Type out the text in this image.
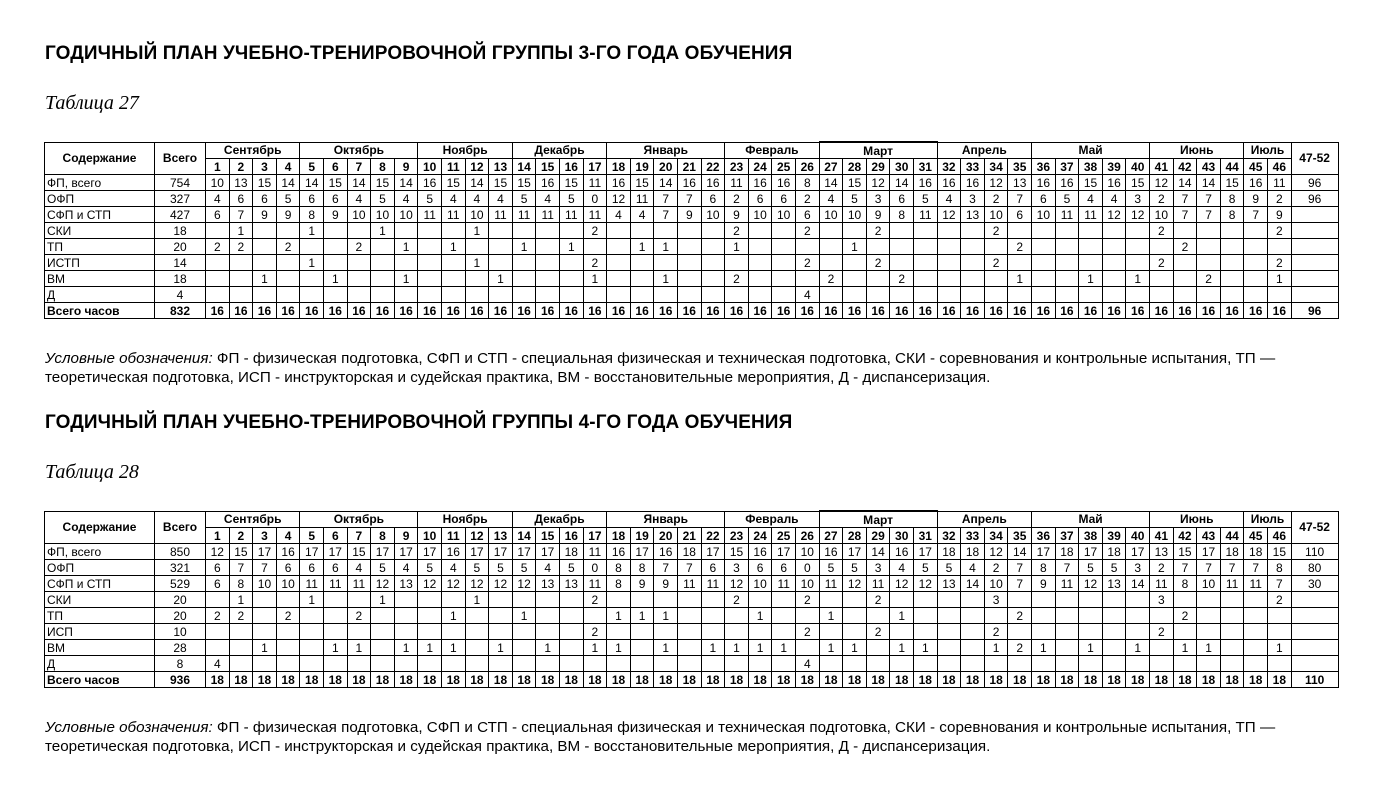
ГОДИЧНЫЙ ПЛАН УЧЕБНО-ТРЕНИРОВОЧНОЙ ГРУППЫ 3-ГО ГОДА ОБУЧЕНИЯ

Таблица 27

Содержание	Всего	Сентябрь				Октябрь					Ноябрь				Декабрь				Январь					Февраль				Март					Апрель				Май					Июнь				Июль		47-52
		1	2	3	4	5	6	7	8	9	10	11	12	13	14	15	16	17	18	19	20	21	22	23	24	25	26	27	28	29	30	31	32	33	34	35	36	37	38	39	40	41	42	43	44	45	46	
ФП, всего	754	10	13	15	14	14	15	14	15	14	16	15	14	15	15	16	15	11	16	15	14	16	16	11	16	16	8	14	15	12	14	16	16	16	12	13	16	16	15	16	15	12	14	14	15	16	11	96
ОФП	327	4	6	6	5	6	6	4	5	4	5	4	4	4	5	4	5	0	12	11	7	7	6	2	6	6	2	4	5	3	6	5	4	3	2	7	6	5	4	4	3	2	7	7	8	9	2	96
СФП и СТП	427	6	7	9	9	8	9	10	10	10	11	11	10	11	11	11	11	11	4	4	7	9	10	9	10	10	6	10	10	9	8	11	12	13	10	6	10	11	11	12	12	10	7	7	8	7	9	
СКИ	18		1			1			1				1					2						2			2			2					2							2					2	
ТП	20	2	2		2			2		1		1			1		1			1	1			1					1							2							2					
ИСТП	14					1							1					2									2			2					2							2					2	
ВМ	18			1			1			1				1				1			1			2				2			2					1			1		1			2			1	
Д	4																										4																					
Всего часов	832	16	16	16	16	16	16	16	16	16	16	16	16	16	16	16	16	16	16	16	16	16	16	16	16	16	16	16	16	16	16	16	16	16	16	16	16	16	16	16	16	16	16	16	16	16	16	96

Условные обозначения: ФП - физическая подготовка, СФП и СТП - специальная физическая и техническая подготовка, СКИ - соревнования и контрольные испытания, ТП — теоретическая подготовка, ИСП - инструкторская и судейская практика, ВМ - восстановительные мероприятия, Д - диспансеризация.

ГОДИЧНЫЙ ПЛАН УЧЕБНО-ТРЕНИРОВОЧНОЙ ГРУППЫ 4-ГО ГОДА ОБУЧЕНИЯ

Таблица 28

Содержание	Всего	Сентябрь				Октябрь					Ноябрь				Декабрь				Январь					Февраль				Март					Апрель				Май					Июнь				Июль		47-52
		1	2	3	4	5	6	7	8	9	10	11	12	13	14	15	16	17	18	19	20	21	22	23	24	25	26	27	28	29	30	31	32	33	34	35	36	37	38	39	40	41	42	43	44	45	46	
ФП, всего	850	12	15	17	16	17	17	15	17	17	17	16	17	17	17	17	18	11	16	17	16	18	17	15	16	17	10	16	17	14	16	17	18	18	12	14	17	18	17	18	17	13	15	17	18	18	15	110
ОФП	321	6	7	7	6	6	6	4	5	4	5	4	5	5	5	4	5	0	8	8	7	7	6	3	6	6	0	5	5	3	4	5	5	4	2	7	8	7	5	5	3	2	7	7	7	7	8	80
СФП и СТП	529	6	8	10	10	11	11	11	12	13	12	12	12	12	12	13	13	11	8	9	9	11	11	12	10	11	10	11	12	11	12	12	13	14	10	7	9	11	12	13	14	11	8	10	11	11	7	30
СКИ	20		1			1			1				1					2						2			2			2					3							3					2	
ТП	20	2	2		2			2				1			1				1	1	1				1			1			1					2							2					
ИСП	10																	2									2			2					2							2						
ВМ	28			1			1	1		1	1	1		1		1		1	1		1		1	1	1	1		1	1		1	1			1	2	1		1		1		1	1			1	
Д	8	4																									4																					
Всего часов	936	18	18	18	18	18	18	18	18	18	18	18	18	18	18	18	18	18	18	18	18	18	18	18	18	18	18	18	18	18	18	18	18	18	18	18	18	18	18	18	18	18	18	18	18	18	18	110

Условные обозначения: ФП - физическая подготовка, СФП и СТП - специальная физическая и техническая подготовка, СКИ - соревнования и контрольные испытания, ТП — теоретическая подготовка, ИСП - инструкторская и судейская практика, ВМ - восстановительные мероприятия, Д - диспансеризация.
